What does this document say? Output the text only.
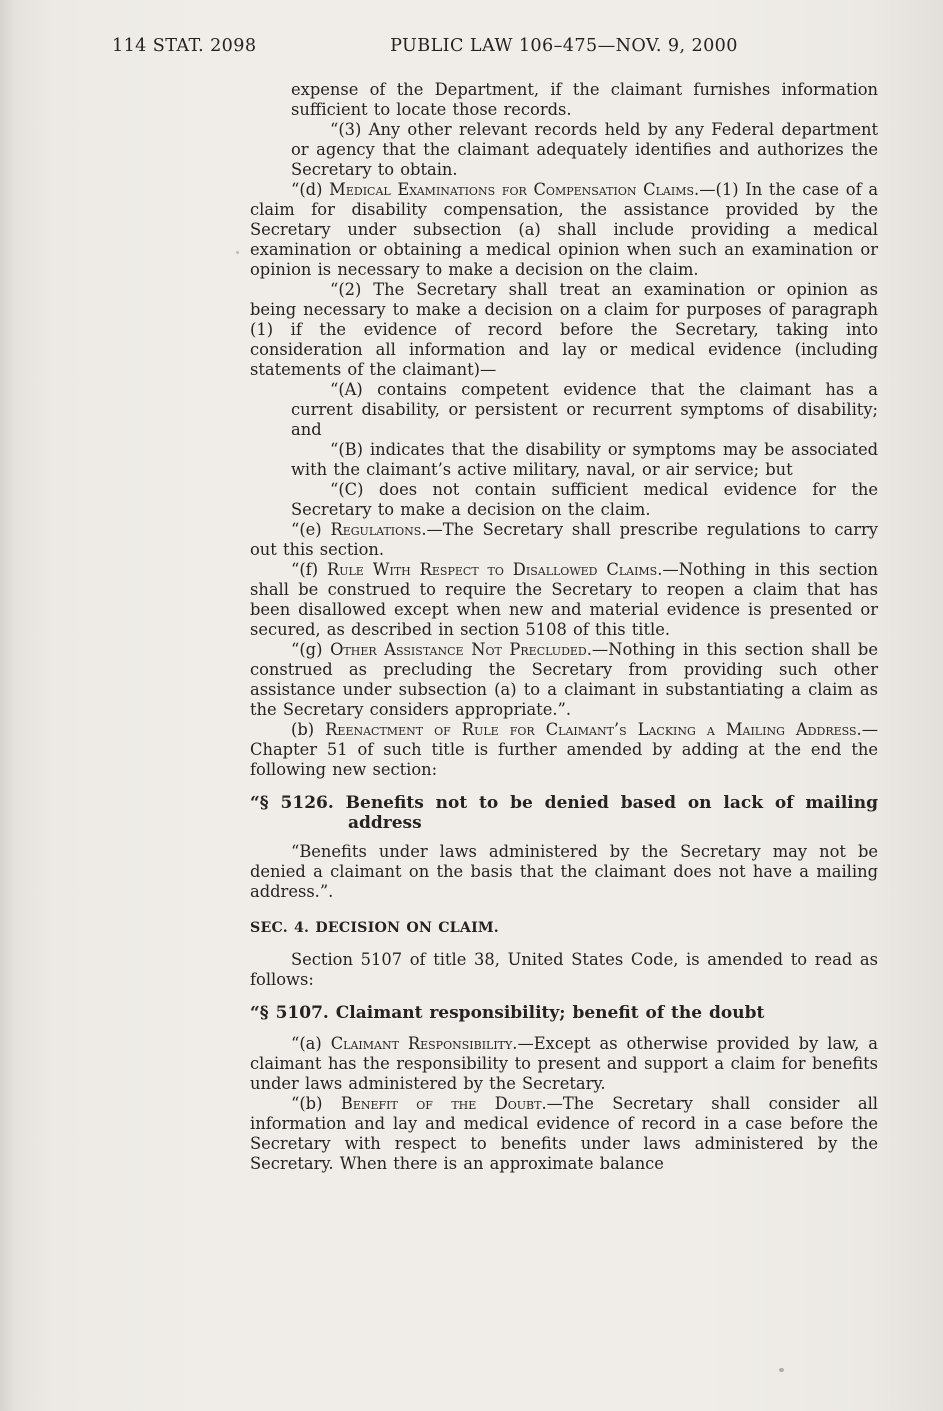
114 STAT. 2098	PUBLIC LAW 106–475—NOV. 9, 2000

expense of the Department, if the claimant furnishes information sufficient to locate those records.

“(3) Any other relevant records held by any Federal department or agency that the claimant adequately identifies and authorizes the Secretary to obtain.

“(d) Medical Examinations for Compensation Claims.—(1) In the case of a claim for disability compensation, the assistance provided by the Secretary under subsection (a) shall include providing a medical examination or obtaining a medical opinion when such an examination or opinion is necessary to make a decision on the claim.

“(2) The Secretary shall treat an examination or opinion as being necessary to make a decision on a claim for purposes of paragraph (1) if the evidence of record before the Secretary, taking into consideration all information and lay or medical evidence (including statements of the claimant)—

“(A) contains competent evidence that the claimant has a current disability, or persistent or recurrent symptoms of disability; and

“(B) indicates that the disability or symptoms may be associated with the claimant’s active military, naval, or air service; but

“(C) does not contain sufficient medical evidence for the Secretary to make a decision on the claim.

“(e) Regulations.—The Secretary shall prescribe regulations to carry out this section.

“(f) Rule With Respect to Disallowed Claims.—Nothing in this section shall be construed to require the Secretary to reopen a claim that has been disallowed except when new and material evidence is presented or secured, as described in section 5108 of this title.

“(g) Other Assistance Not Precluded.—Nothing in this section shall be construed as precluding the Secretary from providing such other assistance under subsection (a) to a claimant in substantiating a claim as the Secretary considers appropriate.”.

(b) Reenactment of Rule for Claimant’s Lacking a Mailing Address.—Chapter 51 of such title is further amended by adding at the end the following new section:

“§ 5126. Benefits not to be denied based on lack of mailing
address

“Benefits under laws administered by the Secretary may not be denied a claimant on the basis that the claimant does not have a mailing address.”.

SEC. 4. DECISION ON CLAIM.

Section 5107 of title 38, United States Code, is amended to read as follows:

“§ 5107. Claimant responsibility; benefit of the doubt

“(a) Claimant Responsibility.—Except as otherwise provided by law, a claimant has the responsibility to present and support a claim for benefits under laws administered by the Secretary.

“(b) Benefit of the Doubt.—The Secretary shall consider all information and lay and medical evidence of record in a case before the Secretary with respect to benefits under laws administered by the Secretary. When there is an approximate balance
